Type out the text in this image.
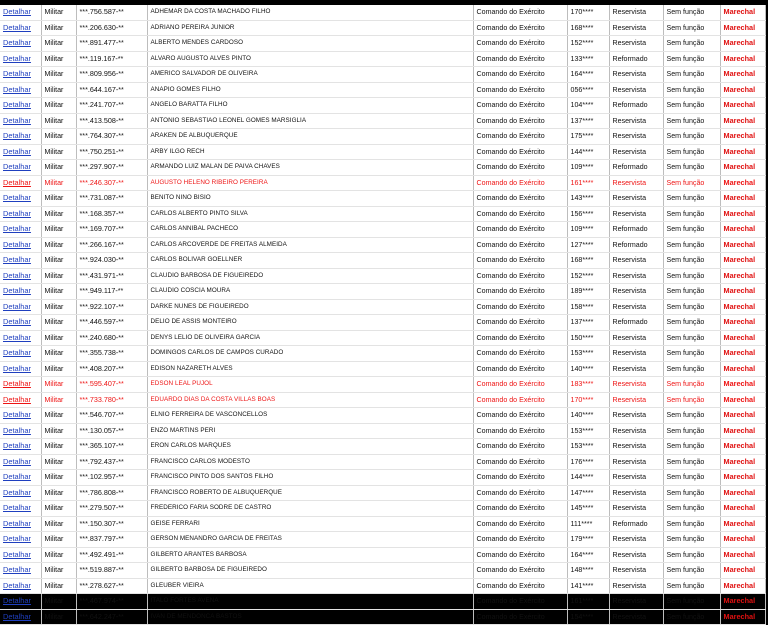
Detalhar	Militar	***.756.587-**	ADHEMAR DA COSTA MACHADO FILHO	Comando do Exército	170****	Reservista	Sem função	Marechal
Detalhar	Militar	***.206.630-**	ADRIANO PEREIRA JUNIOR	Comando do Exército	168****	Reservista	Sem função	Marechal
Detalhar	Militar	***.891.477-**	ALBERTO MENDES CARDOSO	Comando do Exército	152****	Reservista	Sem função	Marechal
Detalhar	Militar	***.119.167-**	ALVARO AUGUSTO ALVES PINTO	Comando do Exército	133****	Reformado	Sem função	Marechal
Detalhar	Militar	***.809.956-**	AMERICO SALVADOR DE OLIVEIRA	Comando do Exército	164****	Reservista	Sem função	Marechal
Detalhar	Militar	***.644.167-**	ANAPIO GOMES FILHO	Comando do Exército	056****	Reservista	Sem função	Marechal
Detalhar	Militar	***.241.707-**	ANGELO BARATTA FILHO	Comando do Exército	104****	Reformado	Sem função	Marechal
Detalhar	Militar	***.413.508-**	ANTONIO SEBASTIAO LEONEL GOMES MARSIGLIA	Comando do Exército	137****	Reservista	Sem função	Marechal
Detalhar	Militar	***.764.307-**	ARAKEN DE ALBUQUERQUE	Comando do Exército	175****	Reservista	Sem função	Marechal
Detalhar	Militar	***.750.251-**	ARBY ILGO RECH	Comando do Exército	144****	Reservista	Sem função	Marechal
Detalhar	Militar	***.297.907-**	ARMANDO LUIZ MALAN DE PAIVA CHAVES	Comando do Exército	109****	Reformado	Sem função	Marechal
Detalhar	Militar	***.246.307-**	AUGUSTO HELENO RIBEIRO PEREIRA	Comando do Exército	161****	Reservista	Sem função	Marechal
Detalhar	Militar	***.731.087-**	BENITO NINO BISIO	Comando do Exército	143****	Reservista	Sem função	Marechal
Detalhar	Militar	***.168.357-**	CARLOS ALBERTO PINTO SILVA	Comando do Exército	156****	Reservista	Sem função	Marechal
Detalhar	Militar	***.169.707-**	CARLOS ANNIBAL PACHECO	Comando do Exército	109****	Reformado	Sem função	Marechal
Detalhar	Militar	***.266.167-**	CARLOS ARCOVERDE DE FREITAS ALMEIDA	Comando do Exército	127****	Reformado	Sem função	Marechal
Detalhar	Militar	***.924.030-**	CARLOS BOLIVAR GOELLNER	Comando do Exército	168****	Reservista	Sem função	Marechal
Detalhar	Militar	***.431.971-**	CLAUDIO BARBOSA DE FIGUEIREDO	Comando do Exército	152****	Reservista	Sem função	Marechal
Detalhar	Militar	***.949.117-**	CLAUDIO COSCIA MOURA	Comando do Exército	189****	Reservista	Sem função	Marechal
Detalhar	Militar	***.922.107-**	DARKE NUNES DE FIGUEIREDO	Comando do Exército	158****	Reservista	Sem função	Marechal
Detalhar	Militar	***.446.597-**	DELIO DE ASSIS MONTEIRO	Comando do Exército	137****	Reformado	Sem função	Marechal
Detalhar	Militar	***.240.680-**	DENYS LELIO DE OLIVEIRA GARCIA	Comando do Exército	150****	Reservista	Sem função	Marechal
Detalhar	Militar	***.355.738-**	DOMINGOS CARLOS DE CAMPOS CURADO	Comando do Exército	153****	Reservista	Sem função	Marechal
Detalhar	Militar	***.408.207-**	EDISON NAZARETH ALVES	Comando do Exército	140****	Reservista	Sem função	Marechal
Detalhar	Militar	***.595.407-**	EDSON LEAL PUJOL	Comando do Exército	183****	Reservista	Sem função	Marechal
Detalhar	Militar	***.733.780-**	EDUARDO DIAS DA COSTA VILLAS BOAS	Comando do Exército	170****	Reservista	Sem função	Marechal
Detalhar	Militar	***.546.707-**	ELNIO FERREIRA DE VASCONCELLOS	Comando do Exército	140****	Reservista	Sem função	Marechal
Detalhar	Militar	***.130.057-**	ENZO MARTINS PERI	Comando do Exército	153****	Reservista	Sem função	Marechal
Detalhar	Militar	***.365.107-**	ERON CARLOS MARQUES	Comando do Exército	153****	Reservista	Sem função	Marechal
Detalhar	Militar	***.792.437-**	FRANCISCO CARLOS MODESTO	Comando do Exército	176****	Reservista	Sem função	Marechal
Detalhar	Militar	***.102.957-**	FRANCISCO PINTO DOS SANTOS FILHO	Comando do Exército	144****	Reservista	Sem função	Marechal
Detalhar	Militar	***.786.808-**	FRANCISCO ROBERTO DE ALBUQUERQUE	Comando do Exército	147****	Reservista	Sem função	Marechal
Detalhar	Militar	***.279.507-**	FREDERICO FARIA SODRE DE CASTRO	Comando do Exército	145****	Reservista	Sem função	Marechal
Detalhar	Militar	***.150.307-**	GEISE FERRARI	Comando do Exército	111****	Reformado	Sem função	Marechal
Detalhar	Militar	***.837.797-**	GERSON MENANDRO GARCIA DE FREITAS	Comando do Exército	179****	Reservista	Sem função	Marechal
Detalhar	Militar	***.492.491-**	GILBERTO ARANTES BARBOSA	Comando do Exército	164****	Reservista	Sem função	Marechal
Detalhar	Militar	***.519.887-**	GILBERTO BARBOSA DE FIGUEIREDO	Comando do Exército	148****	Reservista	Sem função	Marechal
Detalhar	Militar	***.278.627-**	GLEUBER VIEIRA	Comando do Exército	141****	Reservista	Sem função	Marechal
Detalhar	Militar	***.467.974-**	ITALO FORTES AVENA	Comando do Exército	161****	Reservista	Sem função	Marechal
Detalhar	Militar	***.642.247-**	IVAN DE MENDONCA BASTOS	Comando do Exército	154****	Reservista	Sem função	Marechal
